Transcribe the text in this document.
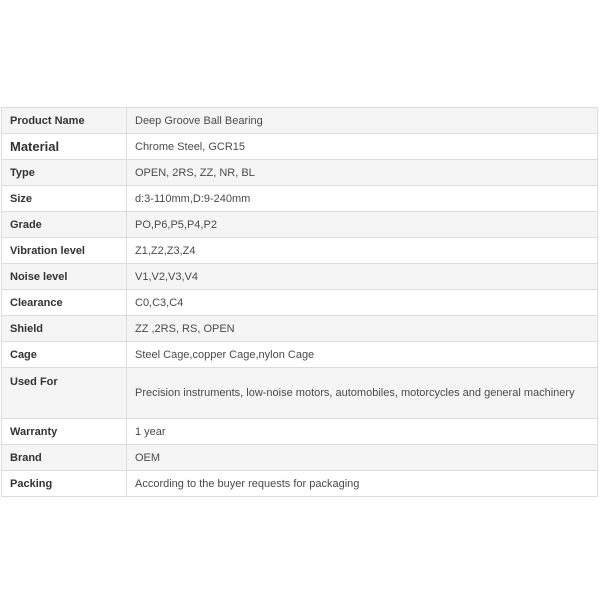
Product Name	Deep Groove Ball Bearing
Material	Chrome Steel, GCR15
Type	OPEN, 2RS, ZZ, NR, BL
Size	d:3-110mm,D:9-240mm
Grade	PO,P6,P5,P4,P2
Vibration level	Z1,Z2,Z3,Z4
Noise level	V1,V2,V3,V4
Clearance	C0,C3,C4
Shield	ZZ ,2RS, RS, OPEN
Cage	Steel Cage,copper Cage,nylon Cage
Used For	Precision instruments, low-noise motors, automobiles, motorcycles and general machinery
Warranty	1 year
Brand	OEM
Packing	According to the buyer requests for packaging
